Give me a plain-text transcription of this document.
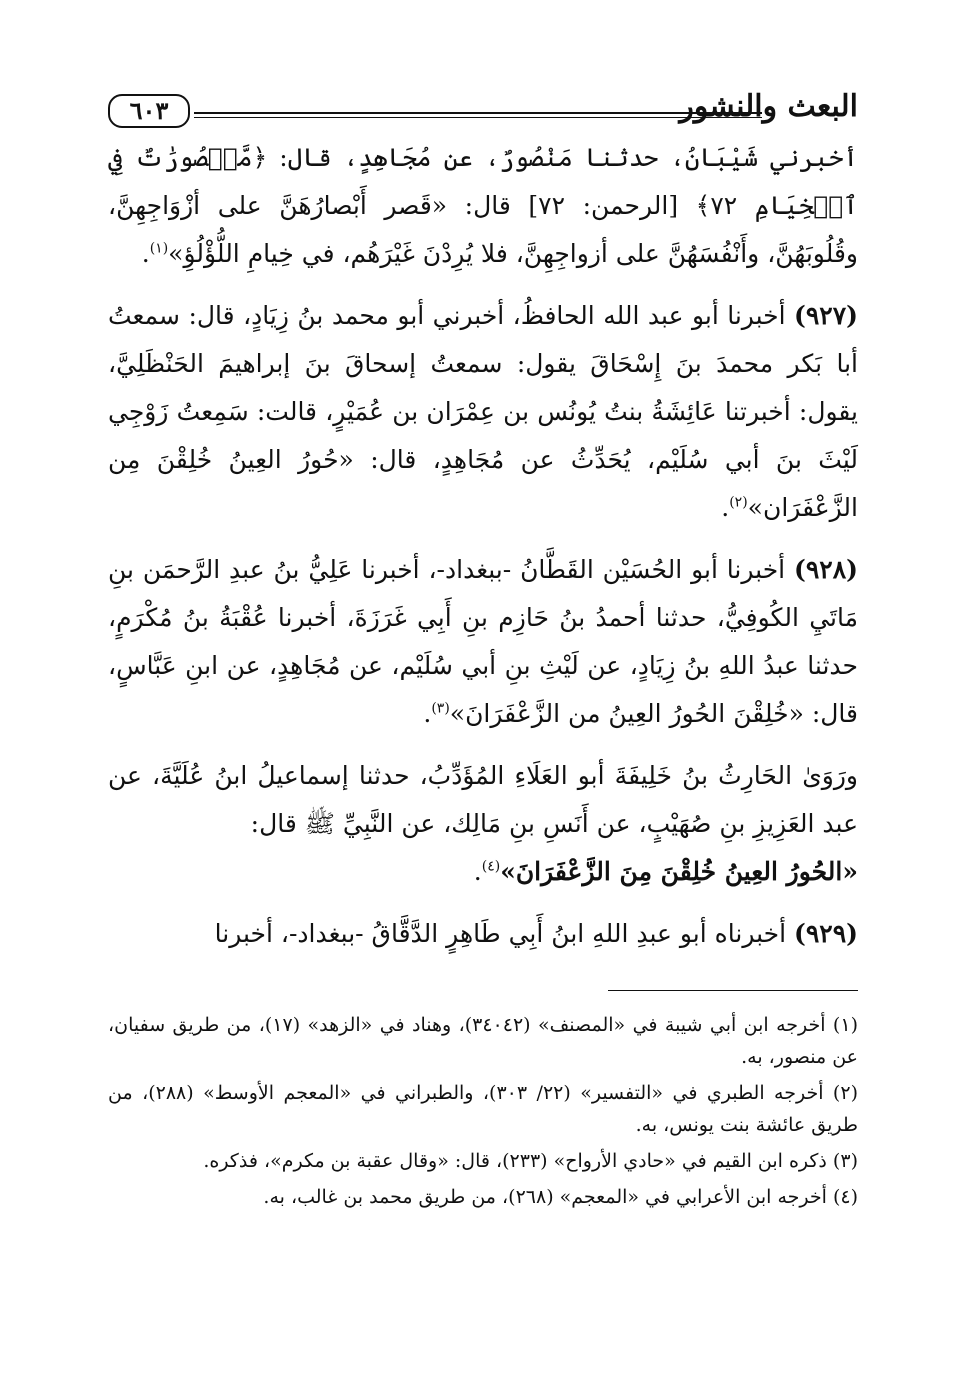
البعث والنشور
٦٠٣

أخبرني شَيْبَانُ، حدثنا مَنْصُورٌ، عن مُجَاهِدٍ، قال: ﴿مَّقۡصُورَٰتٌ فِي ٱلۡخِيَامِ ٧٢﴾ [الرحمن: ٧٢] قال: «قَصر أَبْصارُهَنَّ على أزْوَاجِهِنَّ، وقُلُوبَهُنَّ، وأَنْفُسَهُنَّ على أزواجِهِنَّ، فلا يُرِدْنَ غَيْرَهُم، في خِيامِ اللُّؤْلُؤِ»$^{(١)}$.

(٩٢٧) أخبرنا أبو عبد الله الحافظُ، أخبرني أبو محمد بنُ زِيَادٍ، قال: سمعتُ أبا بَكر محمدَ بنَ إِسْحَاقَ يقول: سمعتُ إسحاقَ بنَ إبراهيمَ الحَنْظَلِيَّ، يقول: أخبرتنا عَائِشَةُ بنتُ يُونُس بن عِمْرَان بن عُمَيْرٍ، قالت: سَمِعتُ زَوْجِي لَيْثَ بنَ أبي سُلَيْم، يُحَدِّثُ عن مُجَاهِدٍ، قال: «حُورُ العِينُ خُلِقْنَ مِن الزَّعْفَرَان»$^{(٢)}$.

(٩٢٨) أخبرنا أبو الحُسَيْن القَطَّانُ -ببغداد-، أخبرنا عَلِيُّ بنُ عبدِ الرَّحمَن بنِ مَاتَيِ الكُوفِيُّ، حدثنا أحمدُ بنُ حَازِم بنِ أَبِي غَرَزَةَ، أخبرنا عُقْبَةُ بنُ مُكْرَمٍ، حدثنا عبدُ اللهِ بنُ زِيَادٍ، عن لَيْثِ بنِ أبي سُلَيْم، عن مُجَاهِدٍ، عن ابنِ عَبَّاسٍ، قال: «خُلِقْنَ الحُورُ العِينُ من الزَّعْفَرَانَ»$^{(٣)}$.

ورَوَىٰ الحَارِثُ بنُ خَلِيفَةَ أبو العَلَاءِ المُؤَدِّبُ، حدثنا إسماعيلُ ابنُ عُلَيَّةَ، عن عبد العَزِيزِ بنِ صُهَيْبٍ، عن أَنَسِ بنِ مَالِك، عن النَّبِيِّ ﷺ قال:
«الحُورُ العِينُ خُلِقْنَ مِنَ الزَّعْفَرَانَ»$^{(٤)}$.

(٩٢٩) أخبرناه أبو عبدِ اللهِ ابنُ أَبِي طَاهِرٍ الدَّقَّاقُ -ببغداد-، أخبرنا

(١) أخرجه ابن أبي شيبة في «المصنف» (٣٤٠٤٢)، وهناد في «الزهد» (١٧)، من طريق سفيان، عن منصور، به.

(٢) أخرجه الطبري في «التفسير» (٢٢/ ٣٠٣)، والطبراني في «المعجم الأوسط» (٢٨٨)، من طريق عائشة بنت يونس، به.

(٣) ذكره ابن القيم في «حادي الأرواح» (٢٣٣)، قال: «وقال عقبة بن مكرم»، فذكره.

(٤) أخرجه ابن الأعرابي في «المعجم» (٢٦٨)، من طريق محمد بن غالب، به.
